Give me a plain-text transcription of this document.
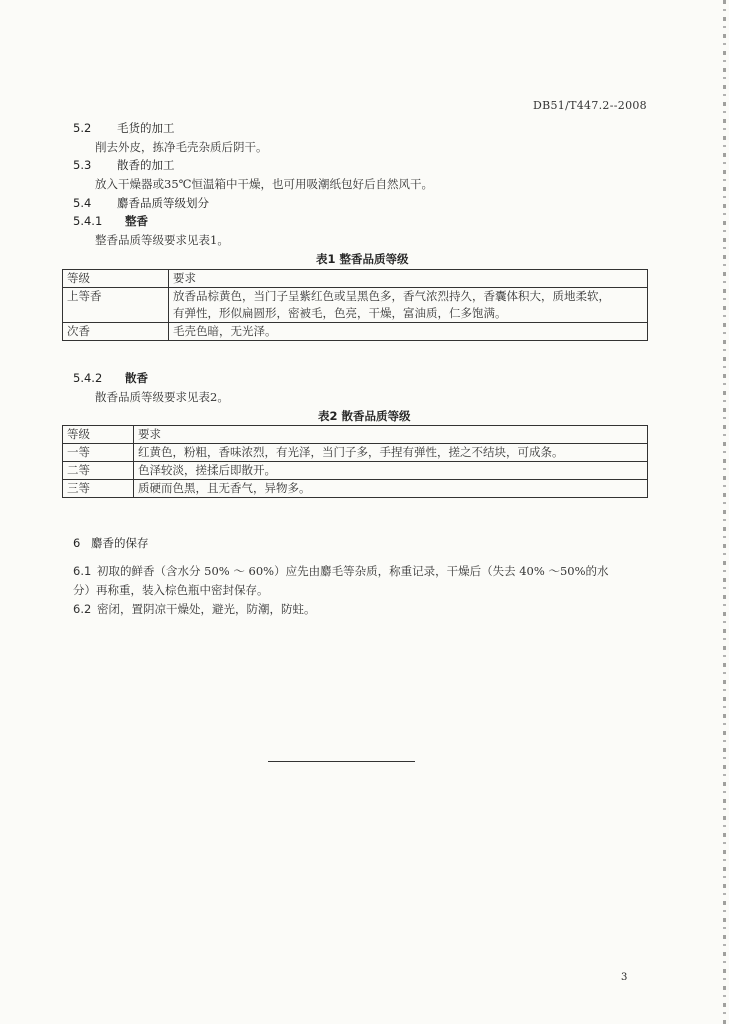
DB51/T447.2--2008
5.2 毛货的加工
削去外皮，拣净毛壳杂质后阴干。
5.3 散香的加工
放入干燥器或35℃恒温箱中干燥，也可用吸潮纸包好后自然风干。
5.4 麝香品质等级划分
5.4.1 整香
整香品质等级要求见表1。
表1 整香品质等级
等级	要求
上等香	放香品棕黄色，当门子呈紫红色或呈黑色多，香气浓烈持久，香囊体积大，质地柔软，
有弹性，形似扁圆形，密被毛，色亮，干燥，富油质，仁多饱满。

次香	毛壳色暗，无光泽。
5.4.2 散香
散香品质等级要求见表2。
表2 散香品质等级
等级	要求
一等	红黄色，粉粗，香味浓烈，有光泽，当门子多，手捏有弹性，搓之不结块，可成条。
二等	色泽较淡，搓揉后即散开。
三等	质硬而色黑，且无香气，异物多。
6 麝香的保存
6.1 初取的鲜香（含水分 50% ～ 60%）应先由麝毛等杂质，称重记录，干燥后（失去 40% ～50%的水
分）再称重，装入棕色瓶中密封保存。
6.2 密闭，置阴凉干燥处，避光，防潮，防蛀。
3
